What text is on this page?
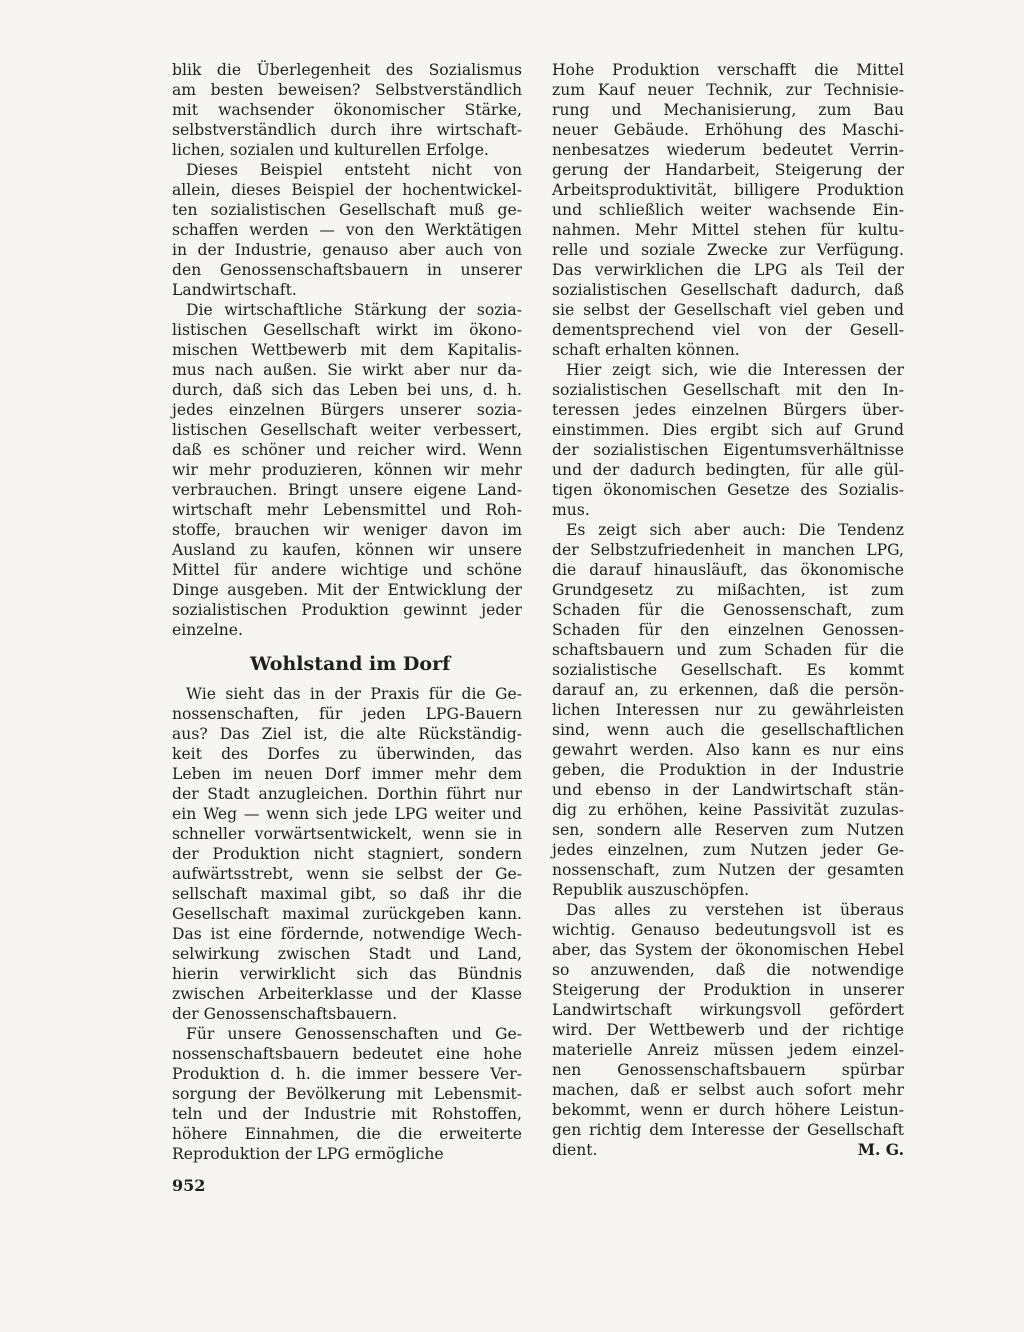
blik die Überlegenheit des Sozialismus
am besten beweisen? Selbstverständlich
mit wachsender ökonomischer Stärke,
selbstverständlich durch ihre wirtschaft-
lichen, sozialen und kulturellen Erfolge.
Dieses Beispiel entsteht nicht von
allein, dieses Beispiel der hochentwickel-
ten sozialistischen Gesellschaft muß ge-
schaffen werden — von den Werktätigen
in der Industrie, genauso aber auch von
den Genossenschaftsbauern in unserer
Landwirtschaft.
Die wirtschaftliche Stärkung der sozia-
listischen Gesellschaft wirkt im ökono-
mischen Wettbewerb mit dem Kapitalis-
mus nach außen. Sie wirkt aber nur da-
durch, daß sich das Leben bei uns, d. h.
jedes einzelnen Bürgers unserer sozia-
listischen Gesellschaft weiter verbessert,
daß es schöner und reicher wird. Wenn
wir mehr produzieren, können wir mehr
verbrauchen. Bringt unsere eigene Land-
wirtschaft mehr Lebensmittel und Roh-
stoffe, brauchen wir weniger davon im
Ausland zu kaufen, können wir unsere
Mittel für andere wichtige und schöne
Dinge ausgeben. Mit der Entwicklung der
sozialistischen Produktion gewinnt jeder
einzelne.
Wohlstand im Dorf
Wie sieht das in der Praxis für die Ge-
nossenschaften, für jeden LPG-Bauern
aus? Das Ziel ist, die alte Rückständig-
keit des Dorfes zu überwinden, das
Leben im neuen Dorf immer mehr dem
der Stadt anzugleichen. Dorthin führt nur
ein Weg — wenn sich jede LPG weiter und
schneller vorwärtsentwickelt, wenn sie in
der Produktion nicht stagniert, sondern
aufwärtsstrebt, wenn sie selbst der Ge-
sellschaft maximal gibt, so daß ihr die
Gesellschaft maximal zurückgeben kann.
Das ist eine fördernde, notwendige Wech-
selwirkung zwischen Stadt und Land,
hierin verwirklicht sich das Bündnis
zwischen Arbeiterklasse und der Klasse
der Genossenschaftsbauern.
Für unsere Genossenschaften und Ge-
nossenschaftsbauern bedeutet eine hohe
Produktion d. h. die immer bessere Ver-
sorgung der Bevölkerung mit Lebensmit-
teln und der Industrie mit Rohstoffen,
höhere Einnahmen, die die erweiterte
Reproduktion der LPG ermögliche
Hohe Produktion verschafft die Mittel
zum Kauf neuer Technik, zur Technisie-
rung und Mechanisierung, zum Bau
neuer Gebäude. Erhöhung des Maschi-
nenbesatzes wiederum bedeutet Verrin-
gerung der Handarbeit, Steigerung der
Arbeitsproduktivität, billigere Produktion
und schließlich weiter wachsende Ein-
nahmen. Mehr Mittel stehen für kultu-
relle und soziale Zwecke zur Verfügung.
Das verwirklichen die LPG als Teil der
sozialistischen Gesellschaft dadurch, daß
sie selbst der Gesellschaft viel geben und
dementsprechend viel von der Gesell-
schaft erhalten können.
Hier zeigt sich, wie die Interessen der
sozialistischen Gesellschaft mit den In-
teressen jedes einzelnen Bürgers über-
einstimmen. Dies ergibt sich auf Grund
der sozialistischen Eigentumsverhältnisse
und der dadurch bedingten, für alle gül-
tigen ökonomischen Gesetze des Sozialis-
mus.
Es zeigt sich aber auch: Die Tendenz
der Selbstzufriedenheit in manchen LPG,
die darauf hinausläuft, das ökonomische
Grundgesetz zu mißachten, ist zum
Schaden für die Genossenschaft, zum
Schaden für den einzelnen Genossen-
schaftsbauern und zum Schaden für die
sozialistische Gesellschaft. Es kommt
darauf an, zu erkennen, daß die persön-
lichen Interessen nur zu gewährleisten
sind, wenn auch die gesellschaftlichen
gewahrt werden. Also kann es nur eins
geben, die Produktion in der Industrie
und ebenso in der Landwirtschaft stän-
dig zu erhöhen, keine Passivität zuzulas-
sen, sondern alle Reserven zum Nutzen
jedes einzelnen, zum Nutzen jeder Ge-
nossenschaft, zum Nutzen der gesamten
Republik auszuschöpfen.
Das alles zu verstehen ist überaus
wichtig. Genauso bedeutungsvoll ist es
aber, das System der ökonomischen Hebel
so anzuwenden, daß die notwendige
Steigerung der Produktion in unserer
Landwirtschaft wirkungsvoll gefördert
wird. Der Wettbewerb und der richtige
materielle Anreiz müssen jedem einzel-
nen Genossenschaftsbauern spürbar
machen, daß er selbst auch sofort mehr
bekommt, wenn er durch höhere Leistun-
gen richtig dem Interesse der Gesellschaft
dient.	M. G.
952
